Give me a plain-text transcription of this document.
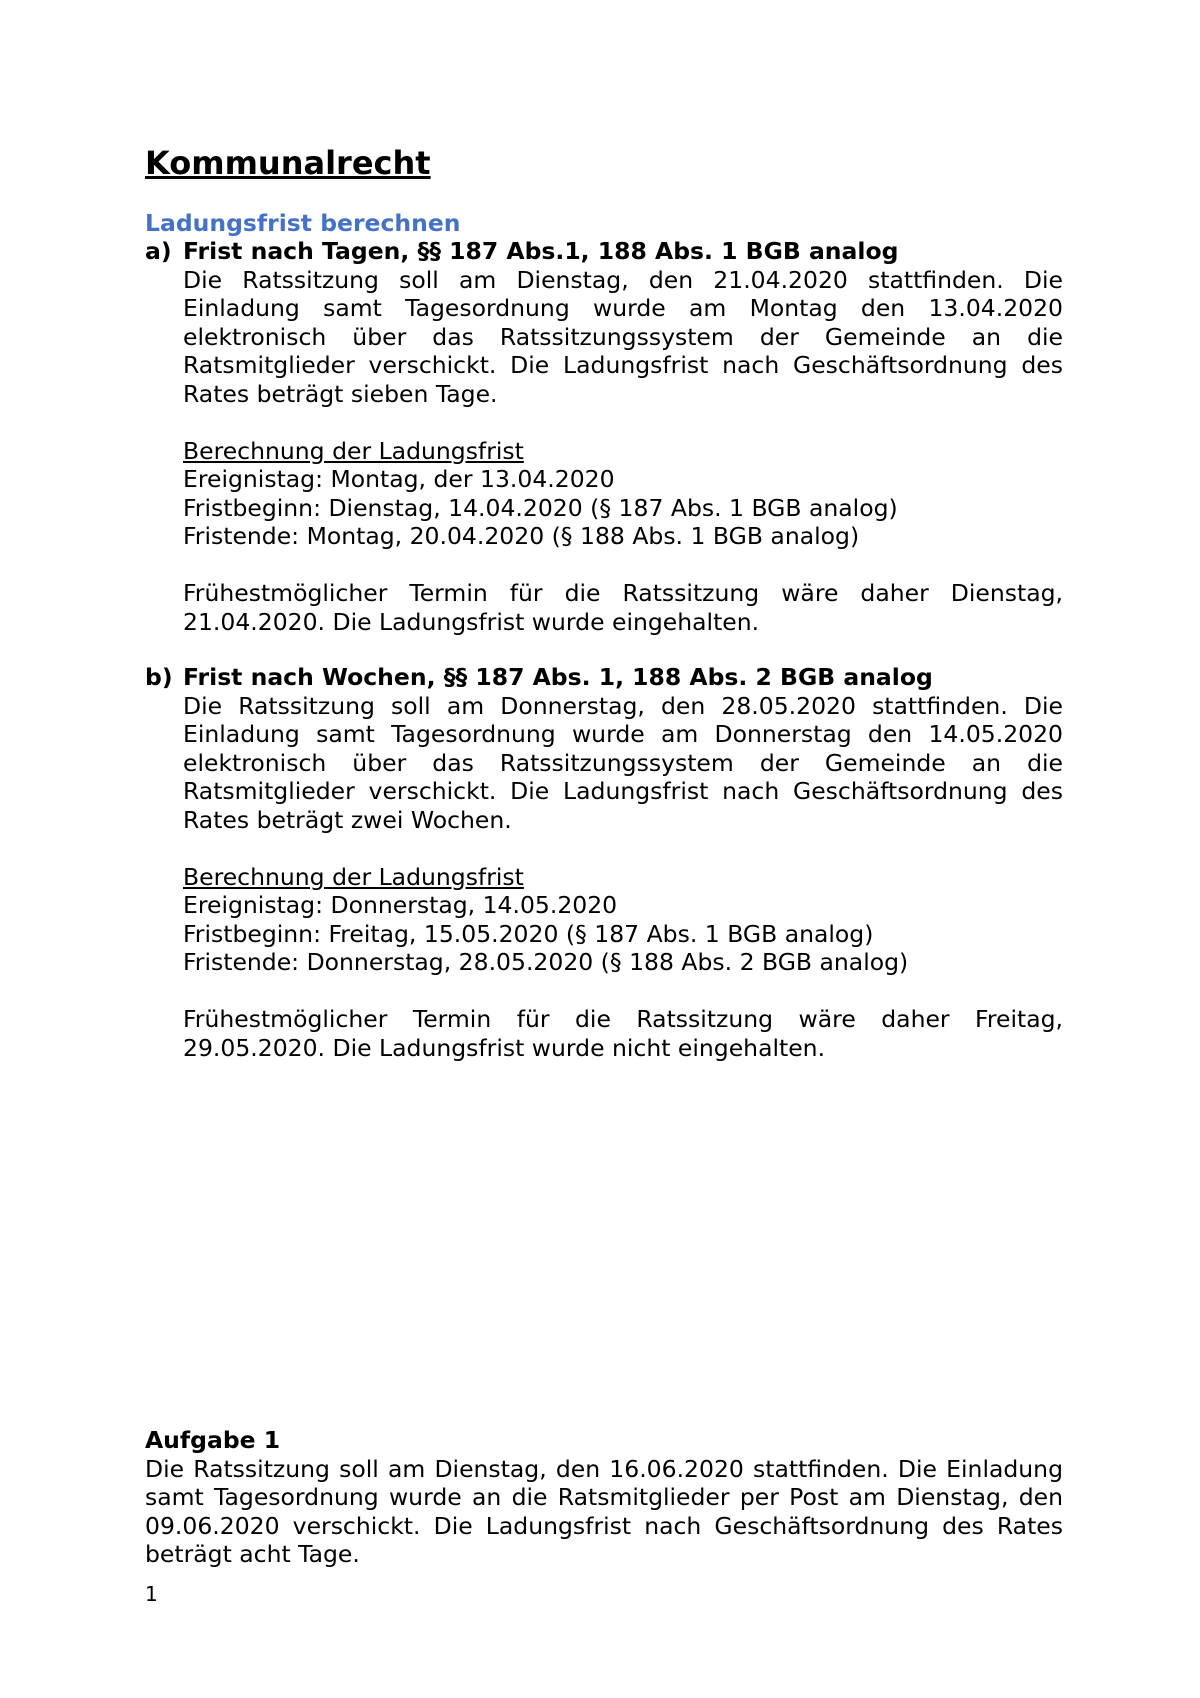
Kommunalrecht
Ladungsfrist berechnen
a) Frist nach Tagen, §§ 187 Abs.1, 188 Abs. 1 BGB analog
Die Ratssitzung soll am Dienstag, den 21.04.2020 stattfinden. Die Einladung samt Tagesordnung wurde am Montag den 13.04.2020 elektronisch über das Ratssitzungssystem der Gemeinde an die Ratsmitglieder verschickt. Die Ladungsfrist nach Geschäftsordnung des Rates beträgt sieben Tage.
Berechnung der Ladungsfrist
Ereignistag: Montag, der 13.04.2020
Fristbeginn: Dienstag, 14.04.2020 (§ 187 Abs. 1 BGB analog)
Fristende: Montag, 20.04.2020 (§ 188 Abs. 1 BGB analog)
Frühestmöglicher Termin für die Ratssitzung wäre daher Dienstag, 21.04.2020. Die Ladungsfrist wurde eingehalten.
b) Frist nach Wochen, §§ 187 Abs. 1, 188 Abs. 2 BGB analog
Die Ratssitzung soll am Donnerstag, den 28.05.2020 stattfinden. Die Einladung samt Tagesordnung wurde am Donnerstag den 14.05.2020 elektronisch über das Ratssitzungssystem der Gemeinde an die Ratsmitglieder verschickt. Die Ladungsfrist nach Geschäftsordnung des Rates beträgt zwei Wochen.
Berechnung der Ladungsfrist
Ereignistag: Donnerstag, 14.05.2020
Fristbeginn: Freitag, 15.05.2020 (§ 187 Abs. 1 BGB analog)
Fristende: Donnerstag, 28.05.2020 (§ 188 Abs. 2 BGB analog)
Frühestmöglicher Termin für die Ratssitzung wäre daher Freitag, 29.05.2020. Die Ladungsfrist wurde nicht eingehalten.
Aufgabe 1
Die Ratssitzung soll am Dienstag, den 16.06.2020 stattfinden. Die Einladung samt Tagesordnung wurde an die Ratsmitglieder per Post am Dienstag, den 09.06.2020 verschickt. Die Ladungsfrist nach Geschäftsordnung des Rates beträgt acht Tage.
1
